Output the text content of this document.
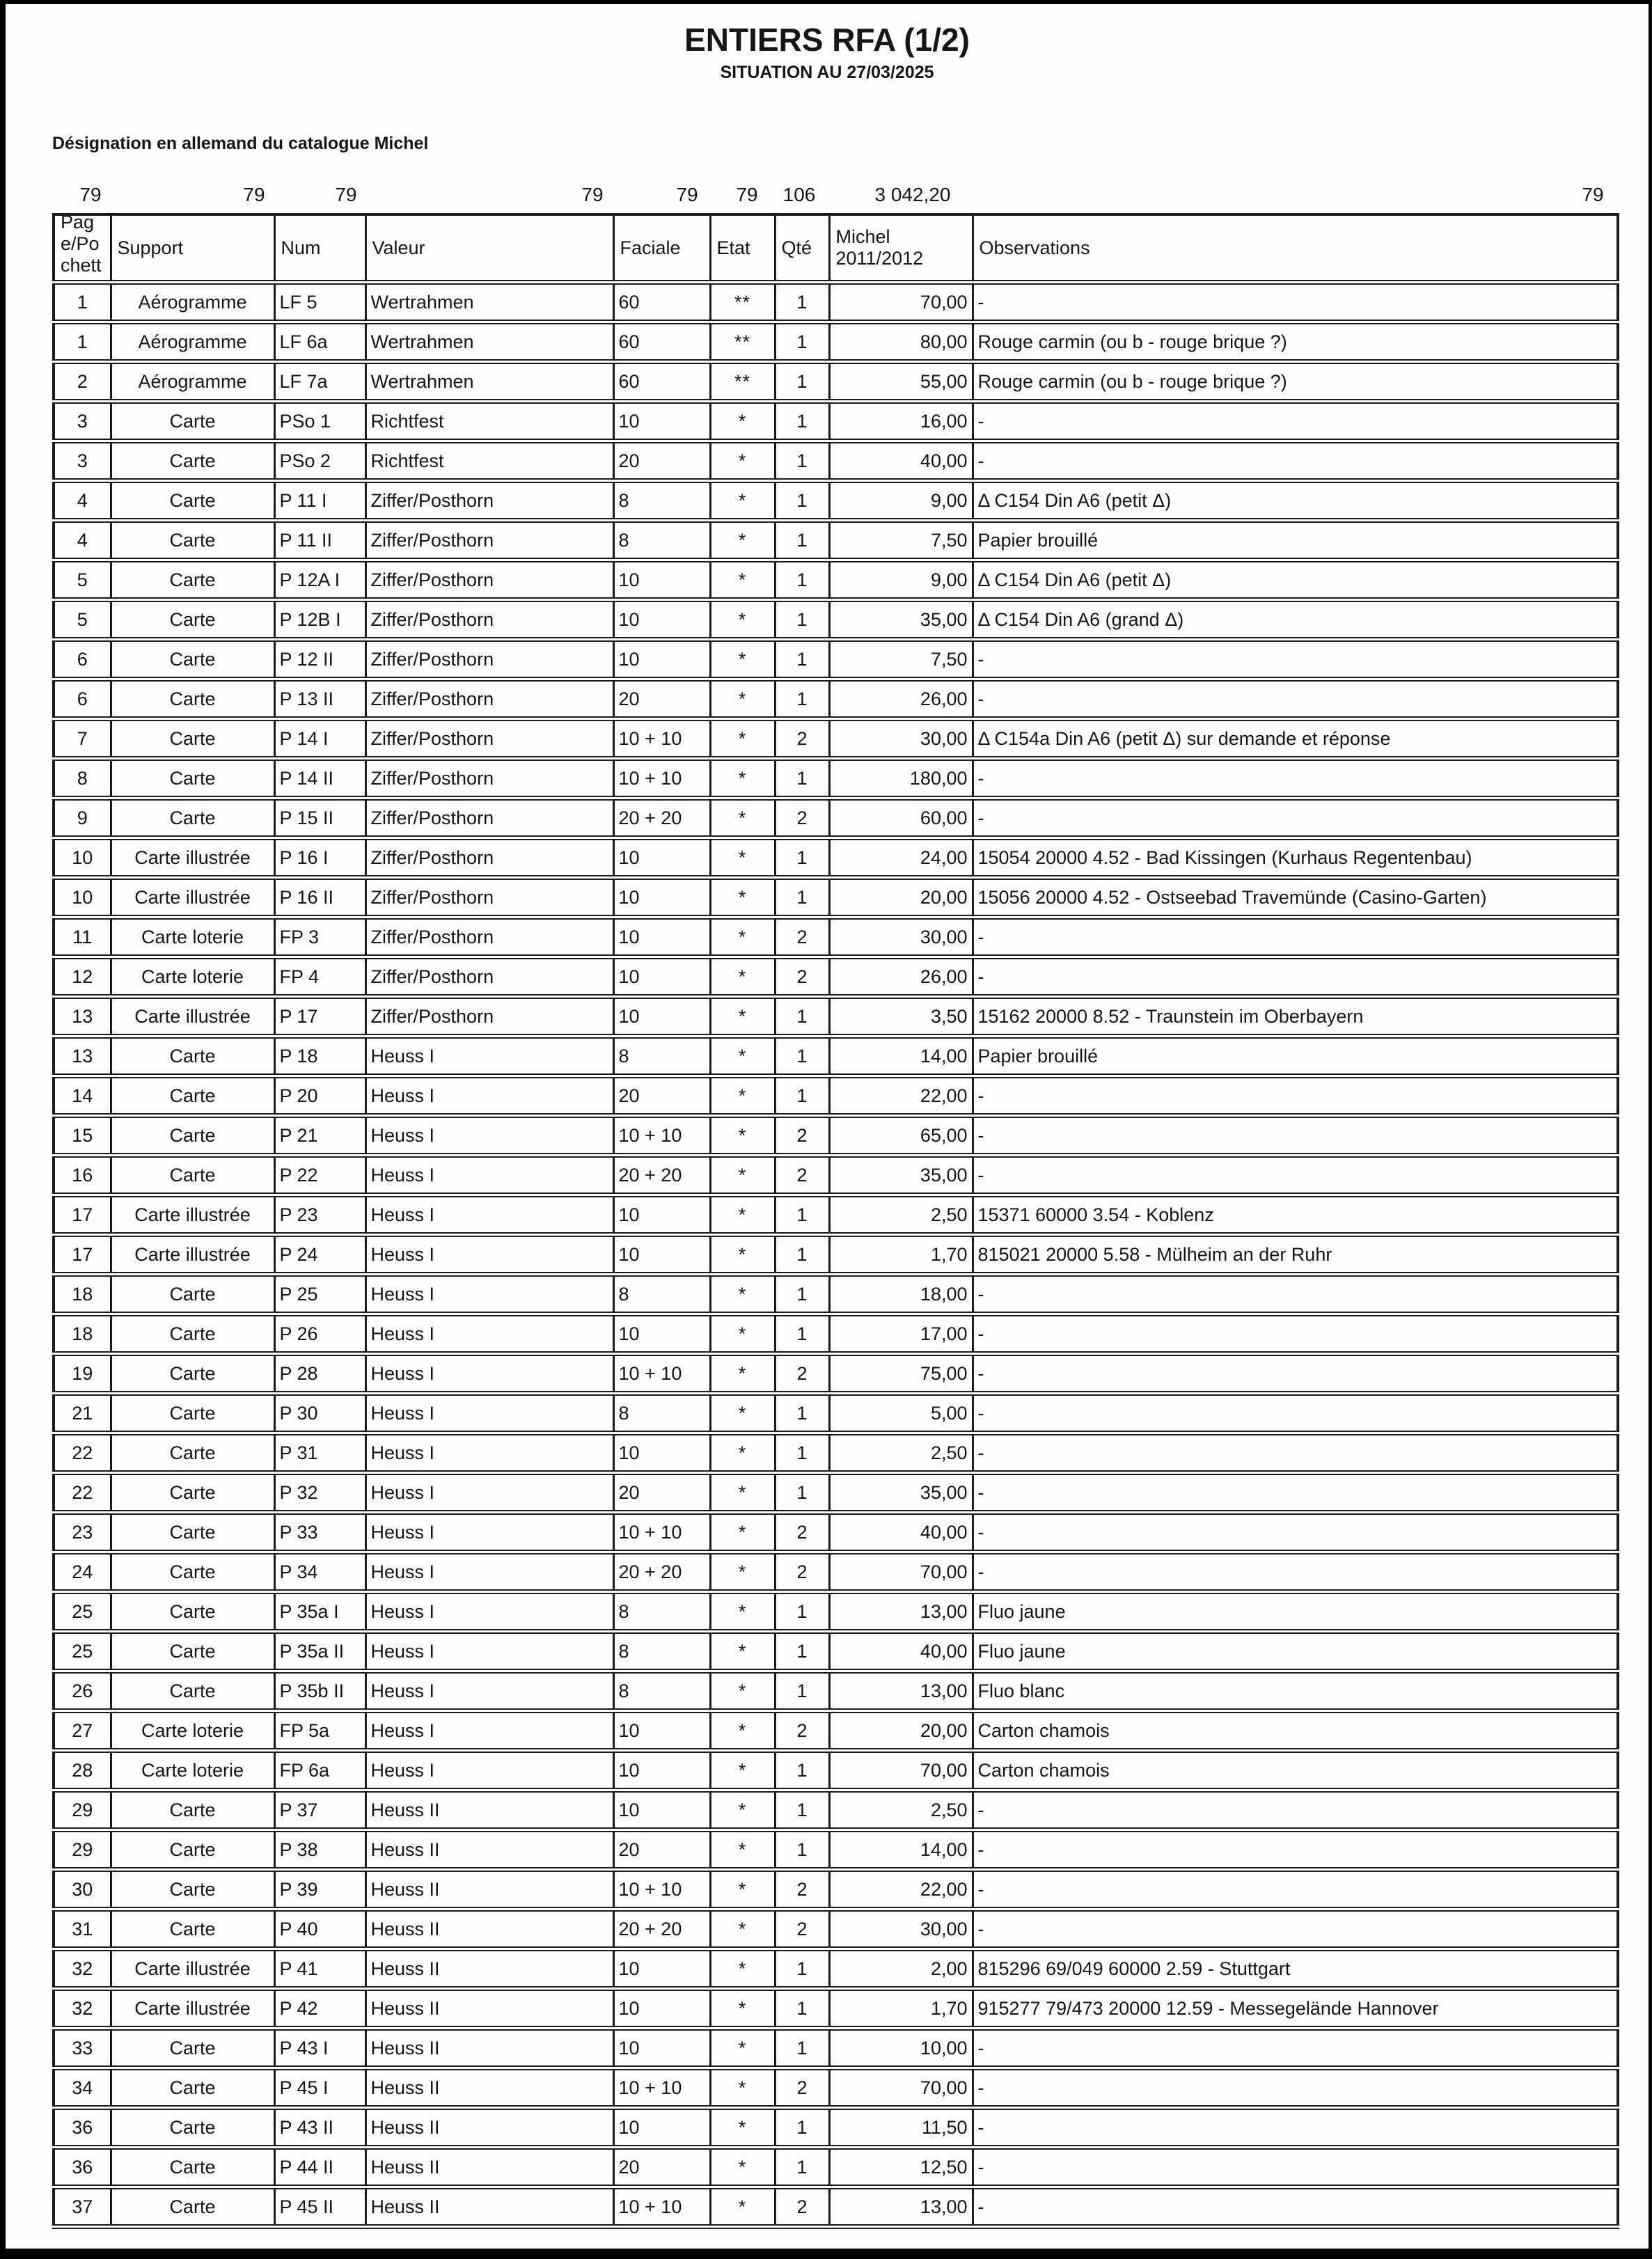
ENTIERS RFA (1/2)
SITUATION AU 27/03/2025
Désignation en allemand du catalogue Michel
79	79	79	79	79 79 106	3 042,20	79
Pag
e/Po
chett	Support	Num	Valeur	Faciale	Etat	Qté	Michel
2011/2012	Observations
1	Aérogramme	LF 5	Wertrahmen	60	**	1	70,00	-
1	Aérogramme	LF 6a	Wertrahmen	60	**	1	80,00	Rouge carmin (ou b - rouge brique ?)
2	Aérogramme	LF 7a	Wertrahmen	60	**	1	55,00	Rouge carmin (ou b - rouge brique ?)
3	Carte	PSo 1	Richtfest	10	*	1	16,00	-
3	Carte	PSo 2	Richtfest	20	*	1	40,00	-
4	Carte	P 11 I	Ziffer/Posthorn	8	*	1	9,00	Δ C154 Din A6 (petit Δ)
4	Carte	P 11 II	Ziffer/Posthorn	8	*	1	7,50	Papier brouillé
5	Carte	P 12A I	Ziffer/Posthorn	10	*	1	9,00	Δ C154 Din A6 (petit Δ)
5	Carte	P 12B I	Ziffer/Posthorn	10	*	1	35,00	Δ C154 Din A6 (grand Δ)
6	Carte	P 12 II	Ziffer/Posthorn	10	*	1	7,50	-
6	Carte	P 13 II	Ziffer/Posthorn	20	*	1	26,00	-
7	Carte	P 14 I	Ziffer/Posthorn	10 + 10	*	2	30,00	Δ C154a Din A6 (petit Δ) sur demande et réponse
8	Carte	P 14 II	Ziffer/Posthorn	10 + 10	*	1	180,00	-
9	Carte	P 15 II	Ziffer/Posthorn	20 + 20	*	2	60,00	-
10	Carte illustrée	P 16 I	Ziffer/Posthorn	10	*	1	24,00	15054 20000 4.52 - Bad Kissingen (Kurhaus Regentenbau)
10	Carte illustrée	P 16 II	Ziffer/Posthorn	10	*	1	20,00	15056 20000 4.52 - Ostseebad Travemünde (Casino-Garten)
11	Carte loterie	FP 3	Ziffer/Posthorn	10	*	2	30,00	-
12	Carte loterie	FP 4	Ziffer/Posthorn	10	*	2	26,00	-
13	Carte illustrée	P 17	Ziffer/Posthorn	10	*	1	3,50	15162 20000 8.52 - Traunstein im Oberbayern
13	Carte	P 18	Heuss I	8	*	1	14,00	Papier brouillé
14	Carte	P 20	Heuss I	20	*	1	22,00	-
15	Carte	P 21	Heuss I	10 + 10	*	2	65,00	-
16	Carte	P 22	Heuss I	20 + 20	*	2	35,00	-
17	Carte illustrée	P 23	Heuss I	10	*	1	2,50	15371 60000 3.54 - Koblenz
17	Carte illustrée	P 24	Heuss I	10	*	1	1,70	815021 20000 5.58 - Mülheim an der Ruhr
18	Carte	P 25	Heuss I	8	*	1	18,00	-
18	Carte	P 26	Heuss I	10	*	1	17,00	-
19	Carte	P 28	Heuss I	10 + 10	*	2	75,00	-
21	Carte	P 30	Heuss I	8	*	1	5,00	-
22	Carte	P 31	Heuss I	10	*	1	2,50	-
22	Carte	P 32	Heuss I	20	*	1	35,00	-
23	Carte	P 33	Heuss I	10 + 10	*	2	40,00	-
24	Carte	P 34	Heuss I	20 + 20	*	2	70,00	-
25	Carte	P 35a I	Heuss I	8	*	1	13,00	Fluo jaune
25	Carte	P 35a II	Heuss I	8	*	1	40,00	Fluo jaune
26	Carte	P 35b II	Heuss I	8	*	1	13,00	Fluo blanc
27	Carte loterie	FP 5a	Heuss I	10	*	2	20,00	Carton chamois
28	Carte loterie	FP 6a	Heuss I	10	*	1	70,00	Carton chamois
29	Carte	P 37	Heuss II	10	*	1	2,50	-
29	Carte	P 38	Heuss II	20	*	1	14,00	-
30	Carte	P 39	Heuss II	10 + 10	*	2	22,00	-
31	Carte	P 40	Heuss II	20 + 20	*	2	30,00	-
32	Carte illustrée	P 41	Heuss II	10	*	1	2,00	815296 69/049 60000 2.59 - Stuttgart
32	Carte illustrée	P 42	Heuss II	10	*	1	1,70	915277 79/473 20000 12.59 - Messegelände Hannover
33	Carte	P 43 I	Heuss II	10	*	1	10,00	-
34	Carte	P 45 I	Heuss II	10 + 10	*	2	70,00	-
36	Carte	P 43 II	Heuss II	10	*	1	11,50	-
36	Carte	P 44 II	Heuss II	20	*	1	12,50	-
37	Carte	P 45 II	Heuss II	10 + 10	*	2	13,00	-
